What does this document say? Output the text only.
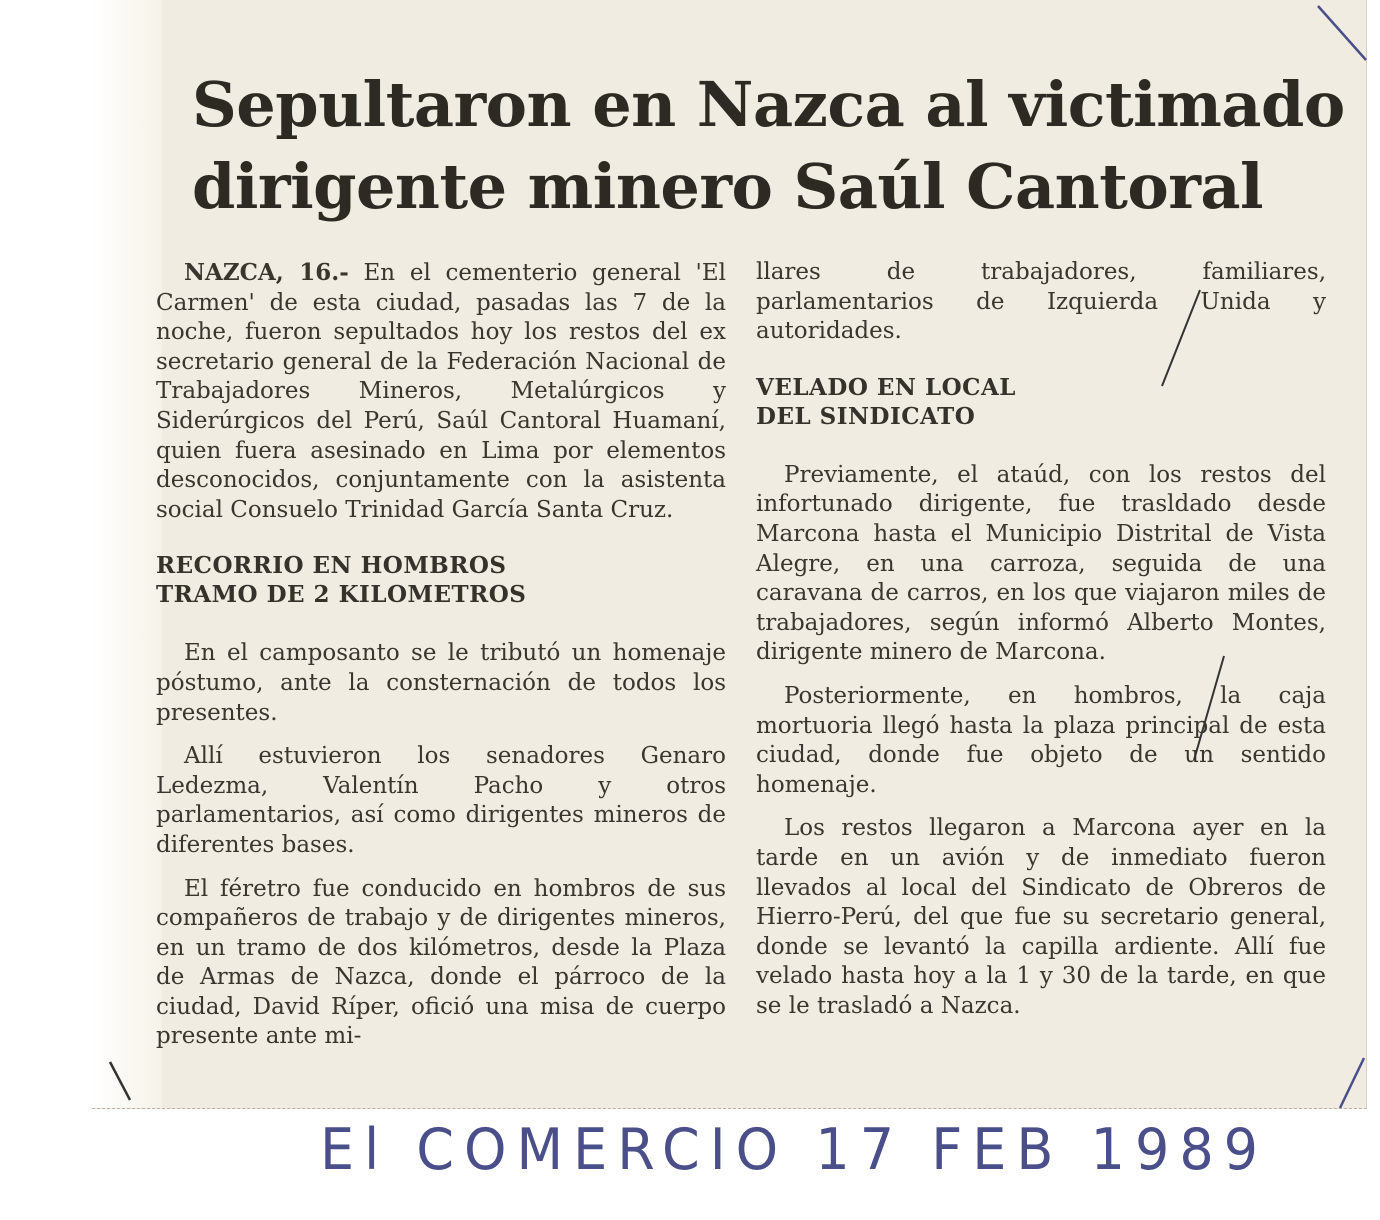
Sepultaron en Nazca al victimado
dirigente minero Saúl Cantoral

NAZCA, 16.- En el cementerio general 'El Carmen' de esta ciudad, pasadas las 7 de la noche, fueron sepultados hoy los restos del ex secretario general de la Federación Nacional de Trabajadores Mineros, Metalúrgicos y Siderúrgicos del Perú, Saúl Cantoral Huamaní, quien fuera asesinado en Lima por elementos desconocidos, conjuntamente con la asistenta social Consuelo Trinidad García Santa Cruz.

RECORRIO EN HOMBROS
TRAMO DE 2 KILOMETROS

En el camposanto se le tributó un homenaje póstumo, ante la consternación de todos los presentes.

Allí estuvieron los senadores Genaro Ledezma, Valentín Pacho y otros parlamentarios, así como dirigentes mineros de diferentes bases.

El féretro fue conducido en hombros de sus compañeros de trabajo y de dirigentes mineros, en un tramo de dos kilómetros, desde la Plaza de Armas de Nazca, donde el párroco de la ciudad, David Ríper, ofició una misa de cuerpo presente ante mi-

llares de trabajadores, familiares, parlamentarios de Izquierda Unida y autoridades.

VELADO EN LOCAL
DEL SINDICATO

Previamente, el ataúd, con los restos del infortunado dirigente, fue trasldado desde Marcona hasta el Municipio Distrital de Vista Alegre, en una carroza, seguida de una caravana de carros, en los que viajaron miles de trabajadores, según informó Alberto Montes, dirigente minero de Marcona.

Posteriormente, en hombros, la caja mortuoria llegó hasta la plaza principal de esta ciudad, donde fue objeto de un sentido homenaje.

Los restos llegaron a Marcona ayer en la tarde en un avión y de inmediato fueron llevados al local del Sindicato de Obreros de Hierro-Perú, del que fue su secretario general, donde se levantó la capilla ardiente. Allí fue velado hasta hoy a la 1 y 30 de la tarde, en que se le trasladó a Nazca.

El COMERCIO 17 FEB 1989
